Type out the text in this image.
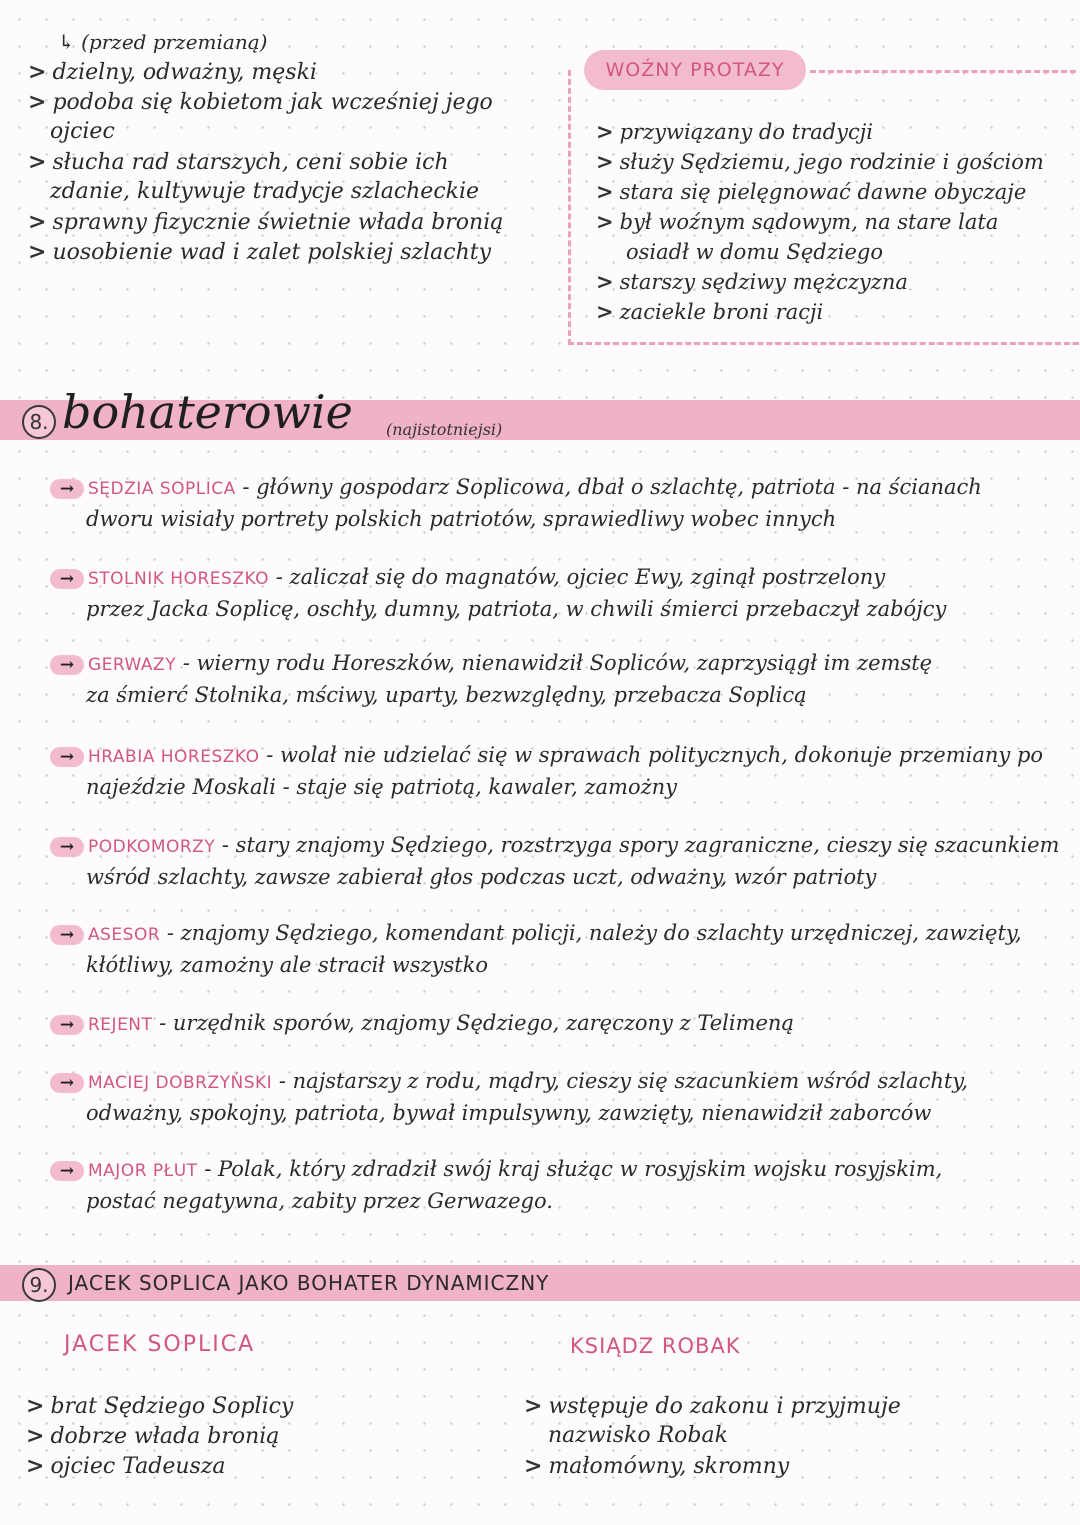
↳ (przed przemianą)
> dzielny, odważny, męski
> podoba się kobietom jak wcześniej jego
ojciec
> słucha rad starszych, ceni sobie ich
zdanie, kultywuje tradycje szlacheckie
> sprawny fizycznie świetnie włada bronią
> uosobienie wad i zalet polskiej szlachty
WOŹNY PROTAZY
> przywiązany do tradycji
> służy Sędziemu, jego rodzinie i gościom
> stara się pielęgnować dawne obyczaje
> był woźnym sądowym, na stare lata
osiadł w domu Sędziego
> starszy sędziwy mężczyzna
> zaciekle broni racji
8. bohaterowie (najistotniejsi)
→ SĘDZIA SOPLICA - główny gospodarz Soplicowa, dbał o szlachtę, patriota - na ścianach
dworu wisiały portrety polskich patriotów, sprawiedliwy wobec innych
→ STOLNIK HORESZKO - zaliczał się do magnatów, ojciec Ewy, zginął postrzelony
przez Jacka Soplicę, oschły, dumny, patriota, w chwili śmierci przebaczył zabójcy
→ GERWAZY - wierny rodu Horeszków, nienawidził Sopliców, zaprzysiągł im zemstę
za śmierć Stolnika, mściwy, uparty, bezwzględny, przebacza Soplicą
→ HRABIA HORESZKO - wolał nie udzielać się w sprawach politycznych, dokonuje przemiany po
najeździe Moskali - staje się patriotą, kawaler, zamożny
→ PODKOMORZY - stary znajomy Sędziego, rozstrzyga spory zagraniczne, cieszy się szacunkiem
wśród szlachty, zawsze zabierał głos podczas uczt, odważny, wzór patrioty
→ ASESOR - znajomy Sędziego, komendant policji, należy do szlachty urzędniczej, zawzięty,
kłótliwy, zamożny ale stracił wszystko
→ REJENT - urzędnik sporów, znajomy Sędziego, zaręczony z Telimeną
→ MACIEJ DOBRZYŃSKI - najstarszy z rodu, mądry, cieszy się szacunkiem wśród szlachty,
odważny, spokojny, patriota, bywał impulsywny, zawzięty, nienawidził zaborców
→ MAJOR PŁUT - Polak, który zdradził swój kraj służąc w rosyjskim wojsku rosyjskim,
postać negatywna, zabity przez Gerwazego.
9. JACEK SOPLICA JAKO BOHATER DYNAMICZNY
JACEK SOPLICA
> brat Sędziego Soplicy
> dobrze włada bronią
> ojciec Tadeusza
KSIĄDZ ROBAK
> wstępuje do zakonu i przyjmuje
nazwisko Robak
> małomówny, skromny
